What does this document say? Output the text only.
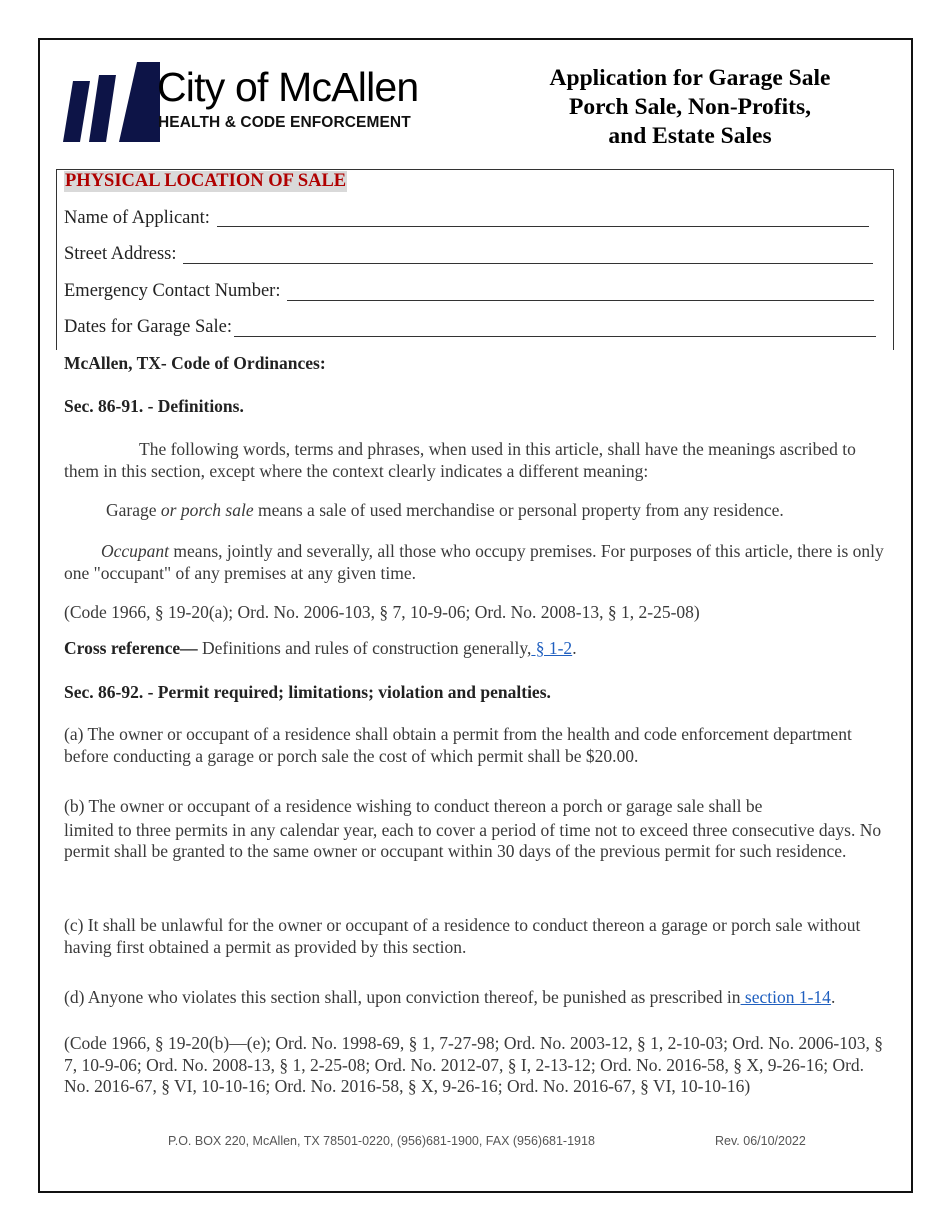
City of McAllen
HEALTH & CODE ENFORCEMENT
Application for Garage Sale
Porch Sale, Non-Profits,
and Estate Sales
PHYSICAL LOCATION OF SALE
Name of Applicant:
Street Address:
Emergency Contact Number:
Dates for Garage Sale:
McAllen, TX- Code of Ordinances:
Sec. 86-91. - Definitions.
The following words, terms and phrases, when used in this article, shall have the meanings ascribed to them in this section, except where the context clearly indicates a different meaning:
Garage or porch sale means a sale of used merchandise or personal property from any residence.
Occupant means, jointly and severally, all those who occupy premises. For purposes of this article, there is only one "occupant" of any premises at any given time.
(Code 1966, § 19-20(a); Ord. No. 2006-103, § 7, 10-9-06; Ord. No. 2008-13, § 1, 2-25-08)
Cross reference— Definitions and rules of construction generally, § 1-2.
Sec. 86-92. - Permit required; limitations; violation and penalties.
(a) The owner or occupant of a residence shall obtain a permit from the health and code enforcement department before conducting a garage or porch sale the cost of which permit shall be $20.00.
(b) The owner or occupant of a residence wishing to conduct thereon a porch or garage sale shall be
limited to three permits in any calendar year, each to cover a period of time not to exceed three consecutive days. No permit shall be granted to the same owner or occupant within 30 days of the previous permit for such residence.
(c) It shall be unlawful for the owner or occupant of a residence to conduct thereon a garage or porch sale without having first obtained a permit as provided by this section.
(d) Anyone who violates this section shall, upon conviction thereof, be punished as prescribed in section 1-14.
(Code 1966, § 19-20(b)—(e); Ord. No. 1998-69, § 1, 7-27-98; Ord. No. 2003-12, § 1, 2-10-03; Ord. No. 2006-103, § 7, 10-9-06; Ord. No. 2008-13, § 1, 2-25-08; Ord. No. 2012-07, § I, 2-13-12; Ord. No. 2016-58, § X, 9-26-16; Ord. No. 2016-67, § VI, 10-10-16; Ord. No. 2016-58, § X, 9-26-16; Ord. No. 2016-67, § VI, 10-10-16)
P.O. BOX 220, McAllen, TX 78501-0220, (956)681-1900, FAX (956)681-1918	Rev. 06/10/2022
